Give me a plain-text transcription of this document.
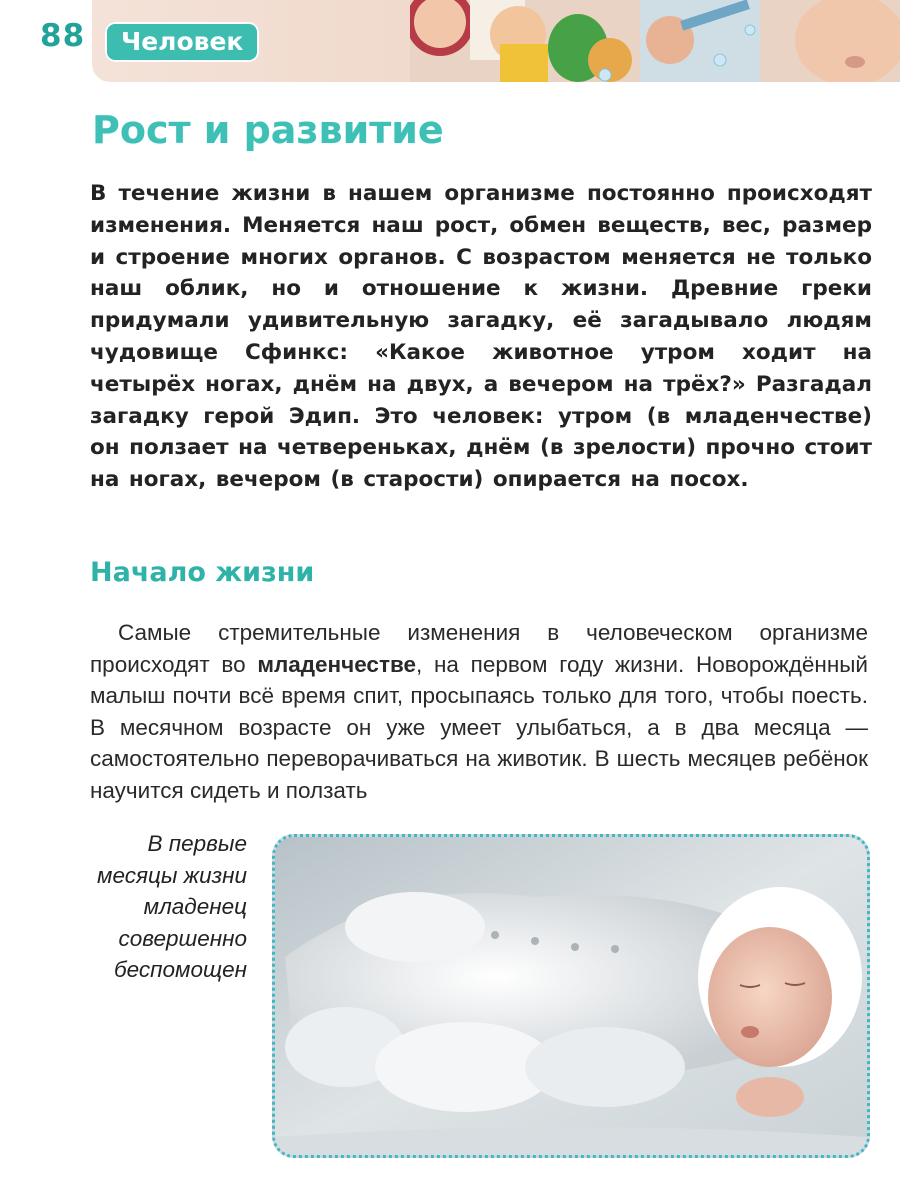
88	Человек
Рост и развитие

В течение жизни в нашем организме постоянно происходят изменения. Меняется наш рост, обмен веществ, вес, размер и строение многих органов. С возрастом меняется не только наш облик, но и отношение к жизни. Древние греки придумали удивительную загадку, её загадывало людям чудовище Сфинкс: «Какое животное утром ходит на четырёх ногах, днём на двух, а вечером на трёх?» Разгадал загадку герой Эдип. Это человек: утром (в младенчестве) он ползает на четвереньках, днём (в зрелости) прочно стоит на ногах, вечером (в старости) опирается на посох.

Начало жизни

Самые стремительные изменения в человеческом организме происходят во младенчестве, на первом году жизни. Новорождённый малыш почти всё время спит, просыпаясь только для того, чтобы поесть. В месячном возрасте он уже умеет улыбаться, а в два месяца — самостоятельно переворачиваться на животик. В шесть месяцев ребёнок научится сидеть и ползать

В первые месяцы жизни младенец совершенно беспомощен
